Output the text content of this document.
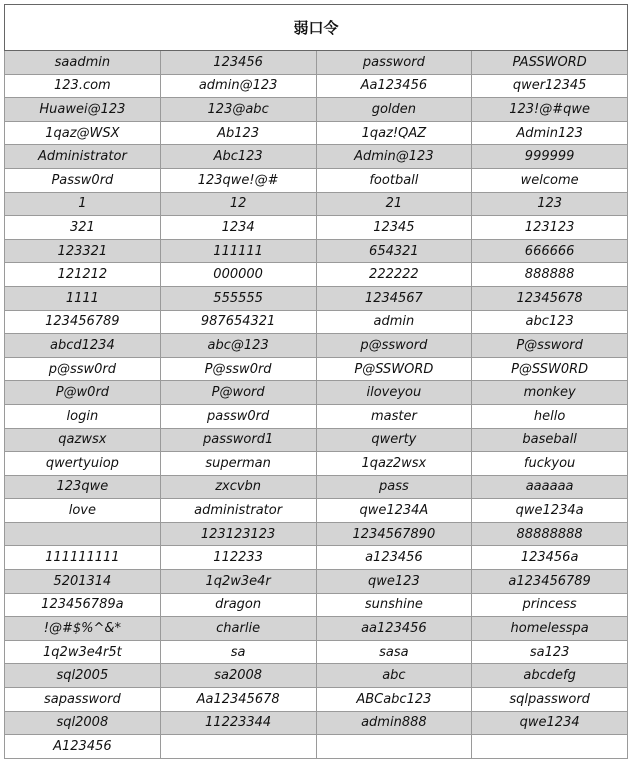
弱口令			
saadmin	123456	password	PASSWORD
123.com	admin@123	Aa123456	qwer12345
Huawei@123	123@abc	golden	123!@#qwe
1qaz@WSX	Ab123	1qaz!QAZ	Admin123
Administrator	Abc123	Admin@123	999999
Passw0rd	123qwe!@#	football	welcome
1	12	21	123
321	1234	12345	123123
123321	111111	654321	666666
121212	000000	222222	888888
1111	555555	1234567	12345678
123456789	987654321	admin	abc123
abcd1234	abc@123	p@ssword	P@ssword
p@ssw0rd	P@ssw0rd	P@SSWORD	P@SSW0RD
P@w0rd	P@word	iloveyou	monkey
login	passw0rd	master	hello
qazwsx	password1	qwerty	baseball
qwertyuiop	superman	1qaz2wsx	fuckyou
123qwe	zxcvbn	pass	aaaaaa
love	administrator	qwe1234A	qwe1234a
	123123123	1234567890	88888888
111111111	112233	a123456	123456a
5201314	1q2w3e4r	qwe123	a123456789
123456789a	dragon	sunshine	princess
!@#$%^&*	charlie	aa123456	homelesspa
1q2w3e4r5t	sa	sasa	sa123
sql2005	sa2008	abc	abcdefg
sapassword	Aa12345678	ABCabc123	sqlpassword
sql2008	11223344	admin888	qwe1234
A123456			
